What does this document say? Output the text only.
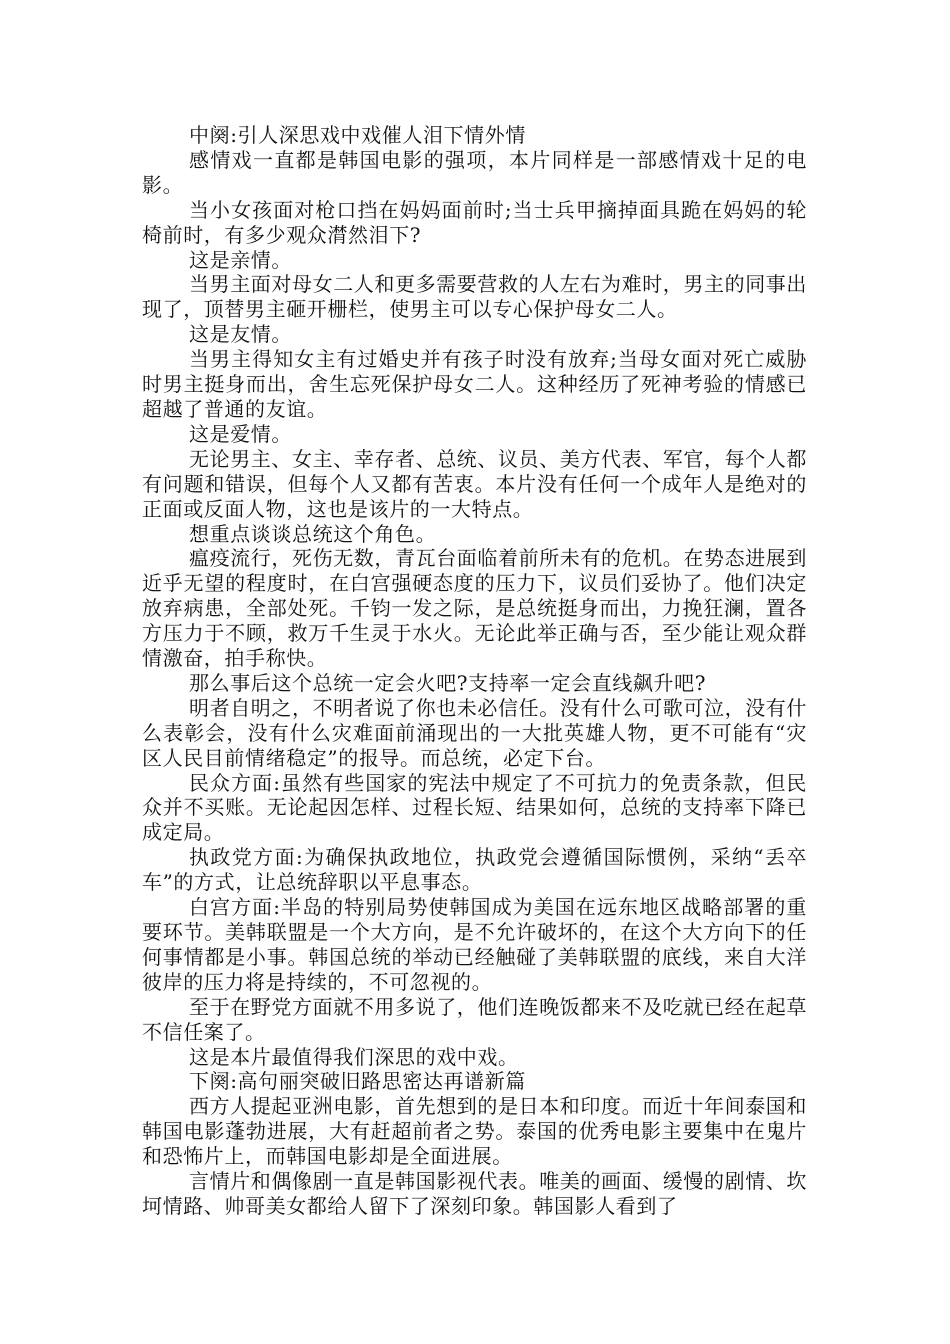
中阕:引人深思戏中戏催人泪下情外情

感情戏一直都是韩国电影的强项，本片同样是一部感情戏十足的电影。

当小女孩面对枪口挡在妈妈面前时;当士兵甲摘掉面具跪在妈妈的轮椅前时，有多少观众潸然泪下?

这是亲情。

当男主面对母女二人和更多需要营救的人左右为难时，男主的同事出现了，顶替男主砸开栅栏，使男主可以专心保护母女二人。

这是友情。

当男主得知女主有过婚史并有孩子时没有放弃;当母女面对死亡威胁时男主挺身而出，舍生忘死保护母女二人。这种经历了死神考验的情感已超越了普通的友谊。

这是爱情。

无论男主、女主、幸存者、总统、议员、美方代表、军官，每个人都有问题和错误，但每个人又都有苦衷。本片没有任何一个成年人是绝对的正面或反面人物，这也是该片的一大特点。

想重点谈谈总统这个角色。

瘟疫流行，死伤无数，青瓦台面临着前所未有的危机。在势态进展到近乎无望的程度时，在白宫强硬态度的压力下，议员们妥协了。他们决定放弃病患，全部处死。千钧一发之际，是总统挺身而出，力挽狂澜，置各方压力于不顾，救万千生灵于水火。无论此举正确与否，至少能让观众群情激奋，拍手称快。

那么事后这个总统一定会火吧?支持率一定会直线飙升吧?

明者自明之，不明者说了你也未必信任。没有什么可歌可泣，没有什么表彰会，没有什么灾难面前涌现出的一大批英雄人物，更不可能有“灾区人民目前情绪稳定”的报导。而总统，必定下台。

民众方面:虽然有些国家的宪法中规定了不可抗力的免责条款，但民众并不买账。无论起因怎样、过程长短、结果如何，总统的支持率下降已成定局。

执政党方面:为确保执政地位，执政党会遵循国际惯例，采纳“丢卒车”的方式，让总统辞职以平息事态。

白宫方面:半岛的特别局势使韩国成为美国在远东地区战略部署的重要环节。美韩联盟是一个大方向，是不允许破坏的，在这个大方向下的任何事情都是小事。韩国总统的举动已经触碰了美韩联盟的底线，来自大洋彼岸的压力将是持续的，不可忽视的。

至于在野党方面就不用多说了，他们连晚饭都来不及吃就已经在起草不信任案了。

这是本片最值得我们深思的戏中戏。

下阕:高句丽突破旧路思密达再谱新篇

西方人提起亚洲电影，首先想到的是日本和印度。而近十年间泰国和韩国电影蓬勃进展，大有赶超前者之势。泰国的优秀电影主要集中在鬼片和恐怖片上，而韩国电影却是全面进展。

言情片和偶像剧一直是韩国影视代表。唯美的画面、缓慢的剧情、坎坷情路、帅哥美女都给人留下了深刻印象。韩国影人看到了
